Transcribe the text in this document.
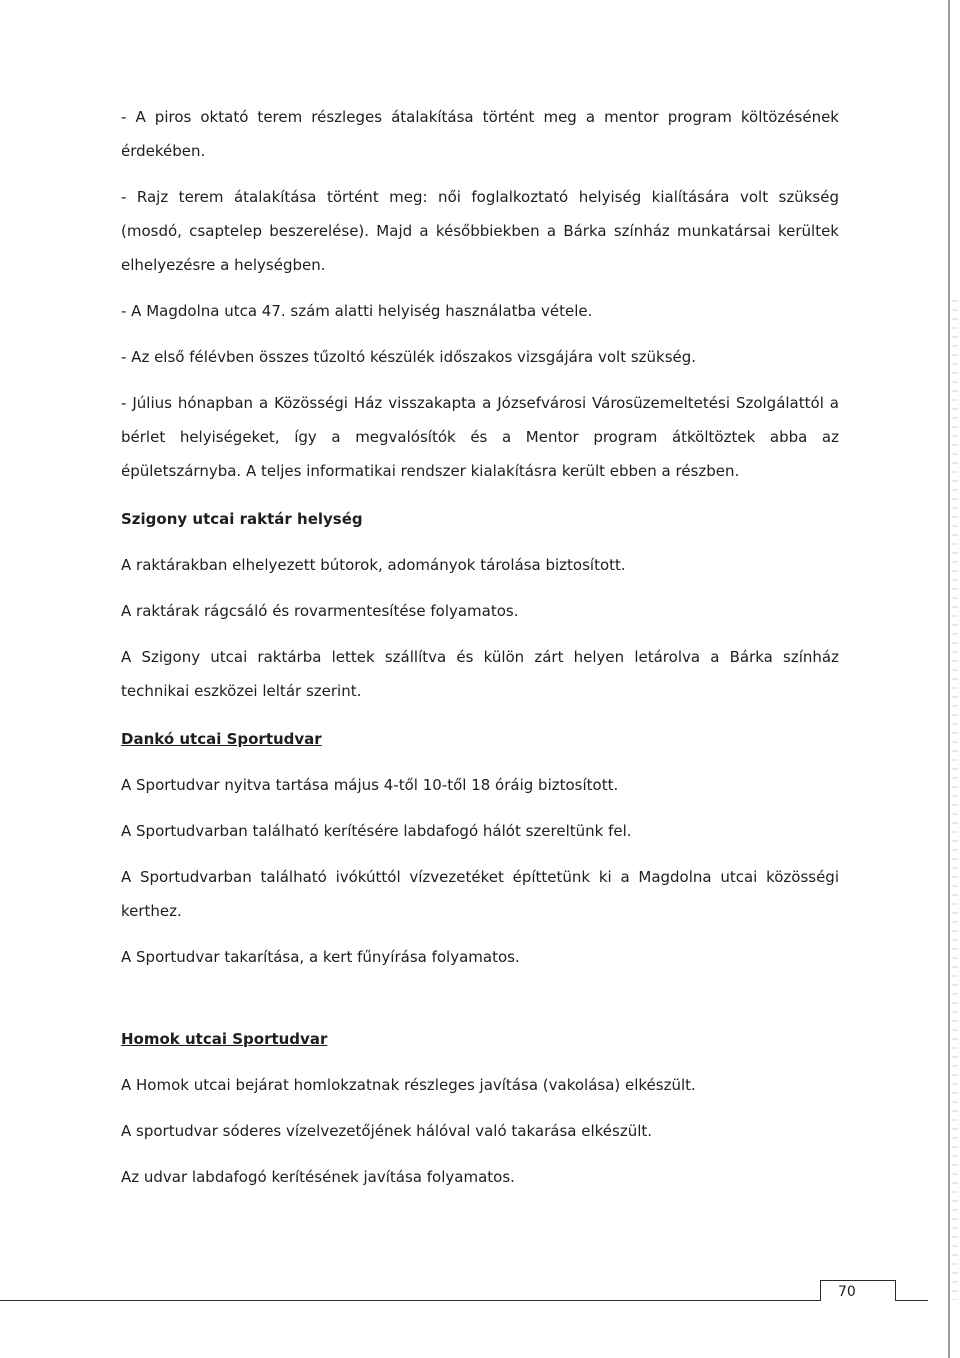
- A piros oktató terem részleges átalakítása történt meg a mentor program költözésének érdekében.

- Rajz terem átalakítása történt meg: női foglalkoztató helyiség kialítására volt szükség (mosdó, csaptelep beszerelése). Majd a későbbiekben a Bárka színház munkatársai kerültek elhelyezésre a helységben.

- A Magdolna utca 47. szám alatti helyiség használatba vétele.

- Az első félévben összes tűzoltó készülék időszakos vizsgájára volt szükség.

- Július hónapban a Közösségi Ház visszakapta a Józsefvárosi Városüzemeltetési Szolgálattól a bérlet helyiségeket, így a megvalósítók és a Mentor program átköltöztek abba az épületszárnyba. A teljes informatikai rendszer kialakításra került ebben a részben.

Szigony utcai raktár helység

A raktárakban elhelyezett bútorok, adományok tárolása biztosított.

A raktárak rágcsáló és rovarmentesítése folyamatos.

A Szigony utcai raktárba lettek szállítva és külön zárt helyen letárolva a Bárka színház technikai eszközei leltár szerint.

Dankó utcai Sportudvar

A Sportudvar nyitva tartása május 4-től 10-től 18 óráig biztosított.

A Sportudvarban található kerítésére labdafogó hálót szereltünk fel.

A Sportudvarban található ivókúttól vízvezetéket építtetünk ki a Magdolna utcai közösségi kerthez.

A Sportudvar takarítása, a kert fűnyírása folyamatos.

Homok utcai Sportudvar

A Homok utcai bejárat homlokzatnak részleges javítása (vakolása) elkészült.

A sportudvar sóderes vízelvezetőjének hálóval való takarása elkészült.

Az udvar labdafogó kerítésének javítása folyamatos.

70
